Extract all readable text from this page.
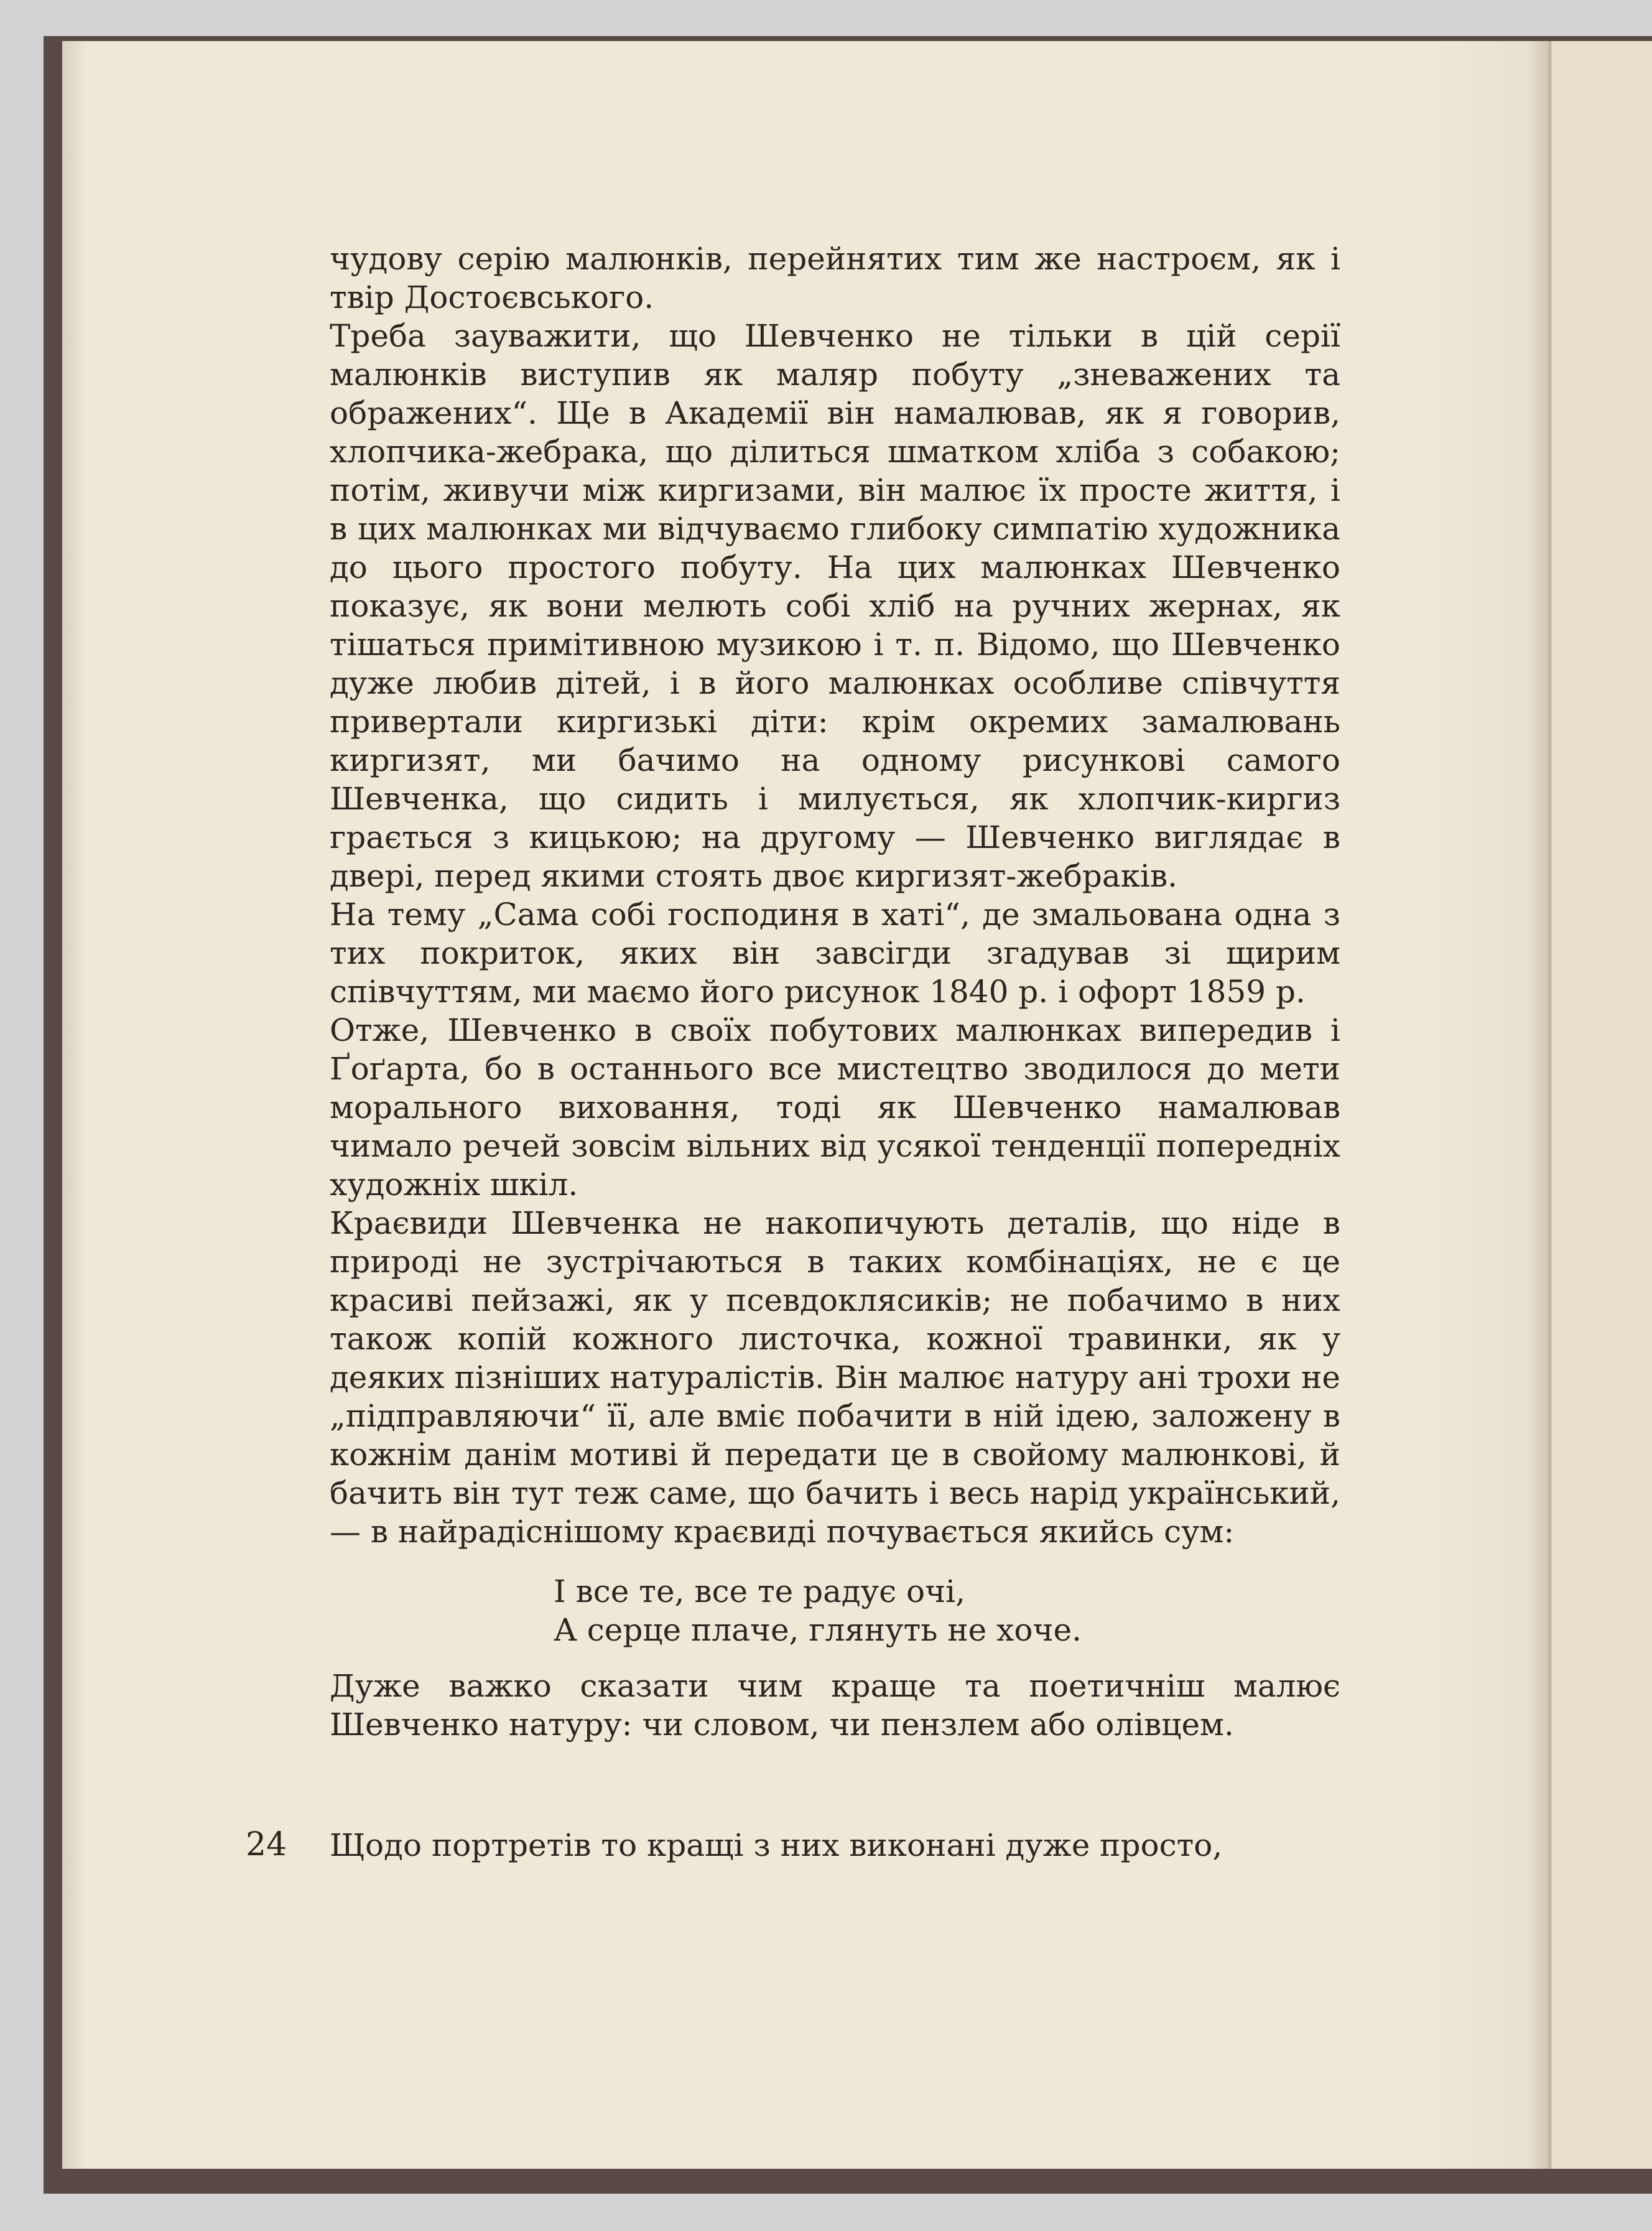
чудову серію малюнків, перейнятих тим же настроєм, як і твір Достоєвського.

Треба зауважити, що Шевченко не тільки в цій серії малюнків виступив як маляр побуту „зневажених та ображених“. Ще в Академії він намалював, як я говорив, хлопчика-жебрака, що ділиться шматком хліба з собакою; потім, живучи між киргизами, він малює їх просте життя, і в цих малюнках ми відчуваємо глибоку симпатію художника до цього простого побуту. На цих малюнках Шевченко показує, як вони мелють собі хліб на ручних жернах, як тішаться примітивною музикою і т. п. Відомо, що Шевченко дуже любив дітей, і в його малюнках особливе співчуття привертали киргизькі діти: крім окремих замалювань киргизят, ми бачимо на одному рисункові самого Шевченка, що сидить і милується, як хлопчик-киргиз грається з кицькою; на другому — Шевченко виглядає в двері, перед якими стоять двоє киргизят-жебраків.

На тему „Сама собі господиня в хаті“, де змальована одна з тих покриток, яких він завсігди згадував зі щирим співчуттям, ми маємо його рисунок 1840 р. і офорт 1859 р.

Отже, Шевченко в своїх побутових малюнках випередив і Ґоґарта, бо в останнього все мистецтво зводилося до мети морального виховання, тоді як Шевченко намалював чимало речей зовсім вільних від усякої тенденції попередніх художніх шкіл.

Краєвиди Шевченка не накопичують деталів, що ніде в природі не зустрічаються в таких комбінаціях, не є це красиві пейзажі, як у псевдоклясиків; не побачимо в них також копій кожного листочка, кожної травинки, як у деяких пізніших натуралістів. Він малює натуру ані трохи не „підправляючи“ її, але вміє побачити в ній ідею, заложену в кожнім данім мотиві й передати це в свойому малюнкові, й бачить він тут теж саме, що бачить і весь нарід український, — в найрадіснішому краєвиді почувається якийсь сум:

І все те, все те радує очі,
А серце плаче, глянуть не хоче.

Дуже важко сказати чим краще та поетичніш малює Шевченко натуру: чи словом, чи пензлем або олівцем.

24 Щодо портретів то кращі з них виконані дуже просто,
